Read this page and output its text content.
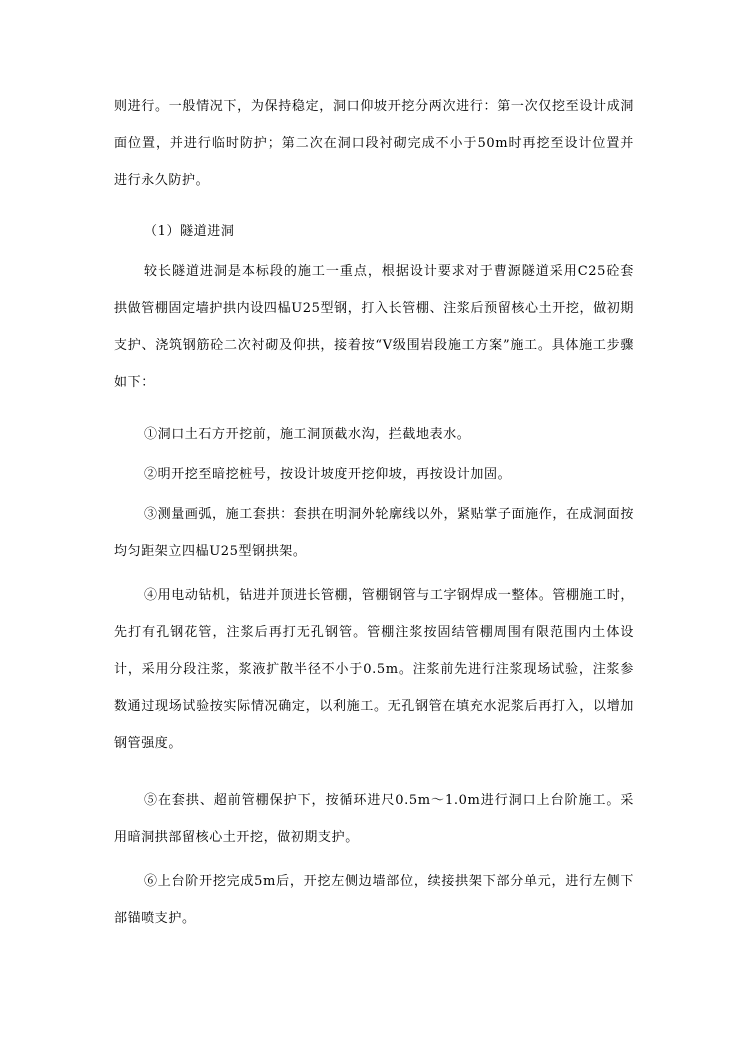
则进行。一般情况下，为保持稳定，洞口仰坡开挖分两次进行：第一次仅挖至设计成洞面位置，并进行临时防护；第二次在洞口段衬砌完成不小于50m时再挖至设计位置并进行永久防护。

（1）隧道进洞

较长隧道进洞是本标段的施工一重点，根据设计要求对于曹源隧道采用C25砼套拱做管棚固定墙护拱内设四榀U25型钢，打入长管棚、注浆后预留核心土开挖，做初期支护、浇筑钢筋砼二次衬砌及仰拱，接着按“Ⅴ级围岩段施工方案”施工。具体施工步骤如下：

①洞口土石方开挖前，施工洞顶截水沟，拦截地表水。

②明开挖至暗挖桩号，按设计坡度开挖仰坡，再按设计加固。

③测量画弧，施工套拱：套拱在明洞外轮廓线以外，紧贴掌子面施作，在成洞面按均匀距架立四榀U25型钢拱架。

④用电动钻机，钻进并顶进长管棚，管棚钢管与工字钢焊成一整体。管棚施工时，先打有孔钢花管，注浆后再打无孔钢管。管棚注浆按固结管棚周围有限范围内土体设计，采用分段注浆，浆液扩散半径不小于0.5m。注浆前先进行注浆现场试验，注浆参数通过现场试验按实际情况确定，以利施工。无孔钢管在填充水泥浆后再打入，以增加钢管强度。

⑤在套拱、超前管棚保护下，按循环进尺0.5m～1.0m进行洞口上台阶施工。采用暗洞拱部留核心土开挖，做初期支护。

⑥上台阶开挖完成5m后，开挖左侧边墙部位，续接拱架下部分单元，进行左侧下部锚喷支护。
